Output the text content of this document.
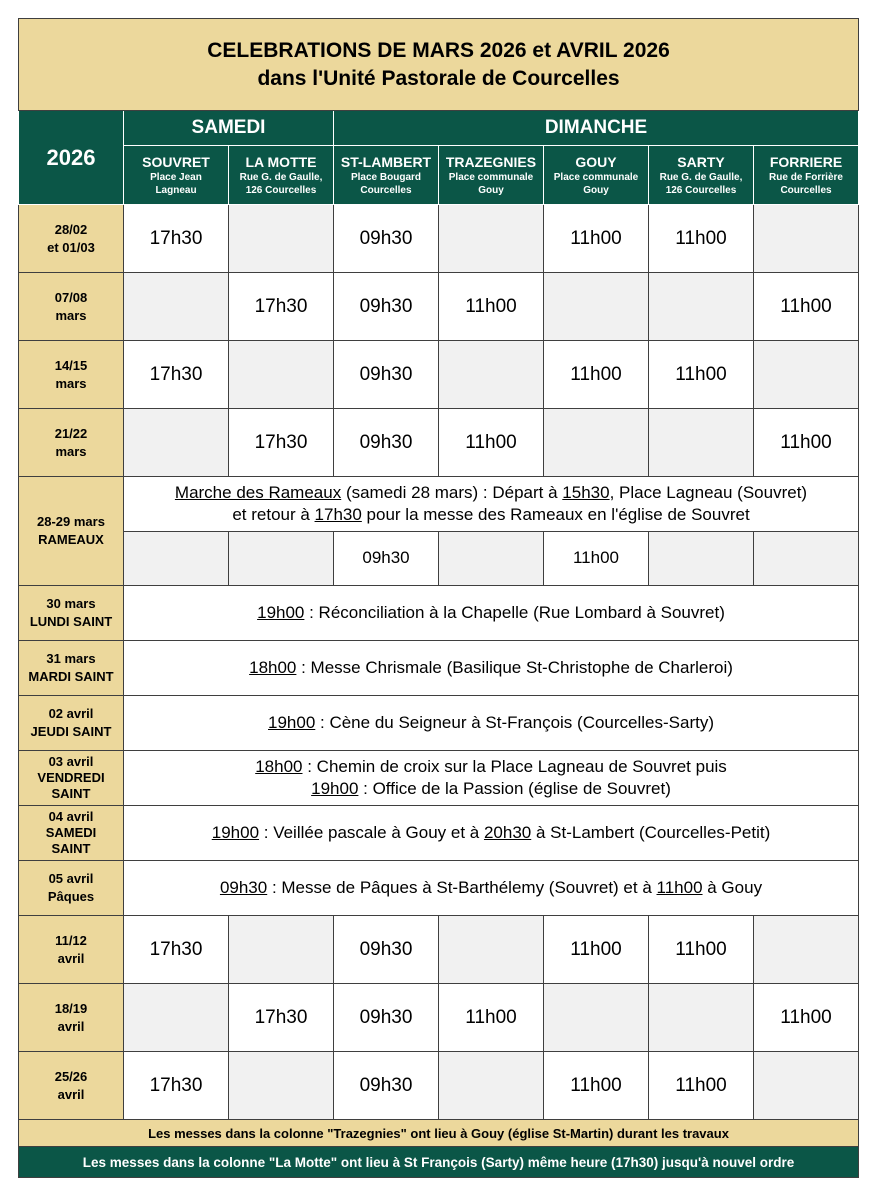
CELEBRATIONS DE MARS 2026 et AVRIL 2026
dans l'Unité Pastorale de Courcelles							

2026	SAMEDI		DIMANCHE				

	SOUVRET
Place Jean
Lagneau	LA MOTTE
Rue G. de Gaulle,
126 Courcelles	ST-LAMBERT
Place Bougard
Courcelles	TRAZEGNIES
Place communale
Gouy	GOUY
Place communale
Gouy	SARTY
Rue G. de Gaulle,
126 Courcelles	FORRIERE
Rue de Forrière
Courcelles

28/02
et 01/03	17h30		09h30		11h00	11h00	

07/08
mars		17h30	09h30	11h00			11h00

14/15
mars	17h30		09h30		11h00	11h00	

21/22
mars		17h30	09h30	11h00			11h00

28-29 mars
RAMEAUX	Marche des Rameaux (samedi 28 mars) : Départ à 15h30, Place Lagneau (Souvret)
et retour à 17h30 pour la messe des Rameaux en l'église de Souvret						

			09h30		11h00		

30 mars
LUNDI SAINT	19h00 : Réconciliation à la Chapelle (Rue Lombard à Souvret)						

31 mars
MARDI SAINT	18h00 : Messe Chrismale (Basilique St-Christophe de Charleroi)						

02 avril
JEUDI SAINT	19h00 : Cène du Seigneur à St-François (Courcelles-Sarty)						

03 avril
VENDREDI
SAINT	18h00 : Chemin de croix sur la Place Lagneau de Souvret puis
19h00 : Office de la Passion (église de Souvret)						

04 avril
SAMEDI
SAINT	19h00 : Veillée pascale à Gouy et à 20h30 à St-Lambert (Courcelles-Petit)						

05 avril
Pâques	09h30 : Messe de Pâques à St-Barthélemy (Souvret) et à 11h00 à Gouy						

11/12
avril	17h30		09h30		11h00	11h00	

18/19
avril		17h30	09h30	11h00			11h00

25/26
avril	17h30		09h30		11h00	11h00	
Les messes dans la colonne "Trazegnies" ont lieu à Gouy (église St-Martin) durant les travaux							
Les messes dans la colonne "La Motte" ont lieu à St François (Sarty) même heure (17h30) jusqu'à nouvel ordre							
